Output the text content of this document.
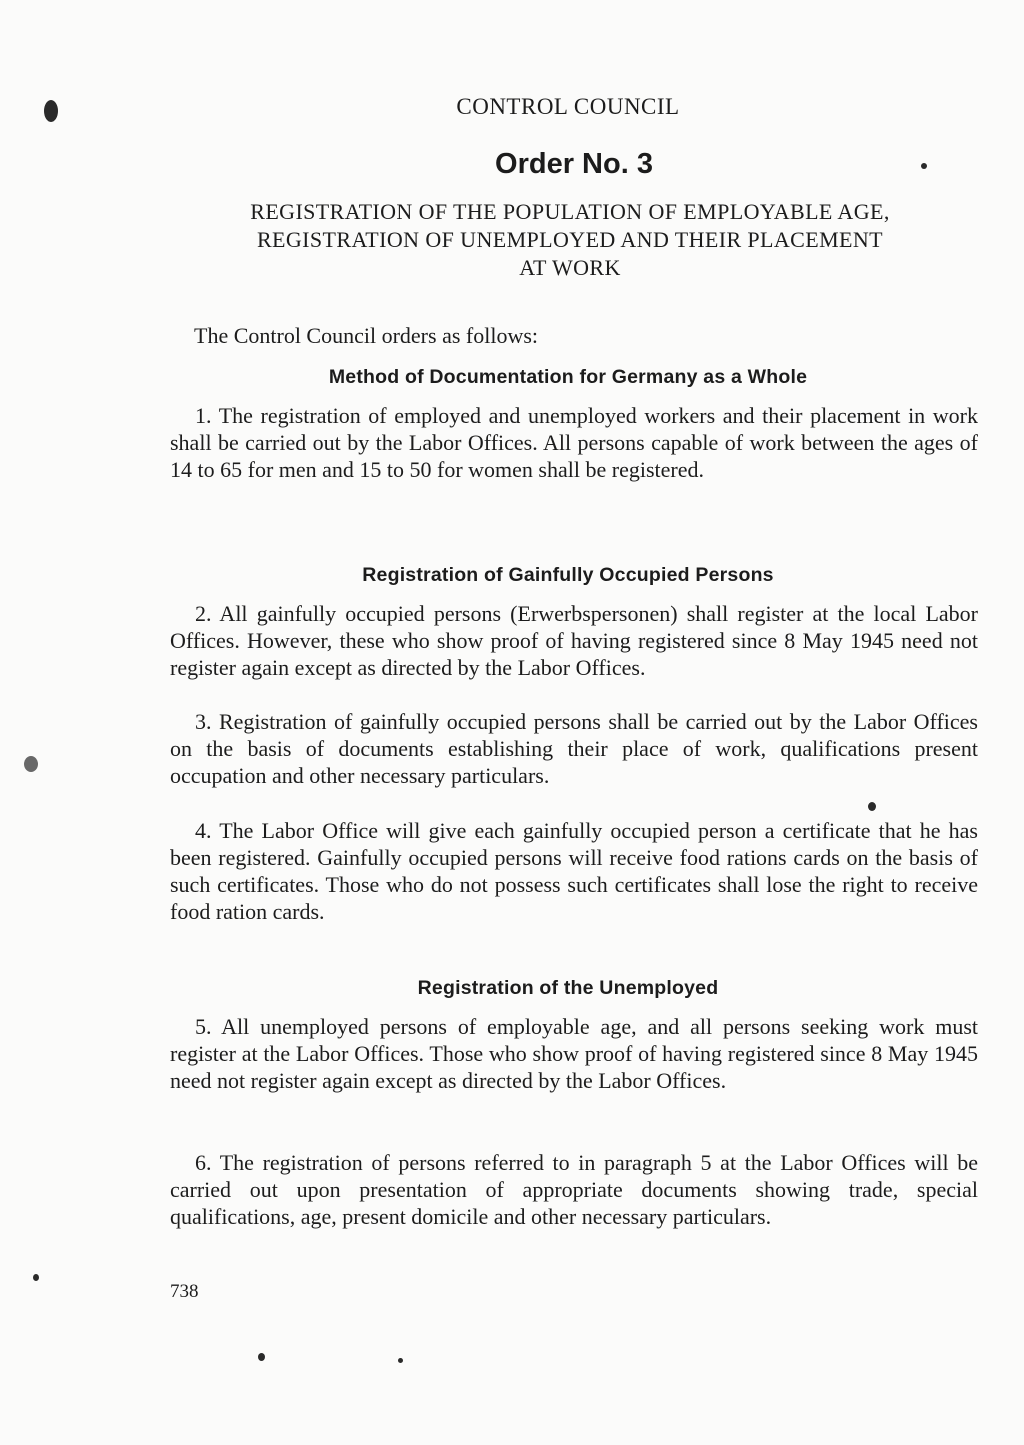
CONTROL COUNCIL
Order No. 3
REGISTRATION OF THE POPULATION OF EMPLOYABLE AGE,
REGISTRATION OF UNEMPLOYED AND THEIR PLACEMENT
AT WORK
The Control Council orders as follows:
Method of Documentation for Germany as a Whole

1. The registration of employed and unemployed workers and their placement in work shall be carried out by the Labor Offices. All persons capable of work between the ages of 14 to 65 for men and 15 to 50 for women shall be registered.

Registration of Gainfully Occupied Persons

2. All gainfully occupied persons (Erwerbspersonen) shall register at the local Labor Offices. However, these who show proof of having registered since 8 May 1945 need not register again except as directed by the Labor Offices.

3. Registration of gainfully occupied persons shall be carried out by the Labor Offices on the basis of documents establishing their place of work, qualifications present occupation and other necessary particulars.

4. The Labor Office will give each gainfully occupied person a certificate that he has been registered. Gainfully occupied persons will receive food rations cards on the basis of such certificates. Those who do not possess such certificates shall lose the right to receive food ration cards.

Registration of the Unemployed

5. All unemployed persons of employable age, and all persons seeking work must register at the Labor Offices. Those who show proof of having registered since 8 May 1945 need not register again except as directed by the Labor Offices.

6. The registration of persons referred to in paragraph 5 at the Labor Offices will be carried out upon presentation of appropriate documents showing trade, special qualifications, age, present domicile and other necessary particulars.

738
